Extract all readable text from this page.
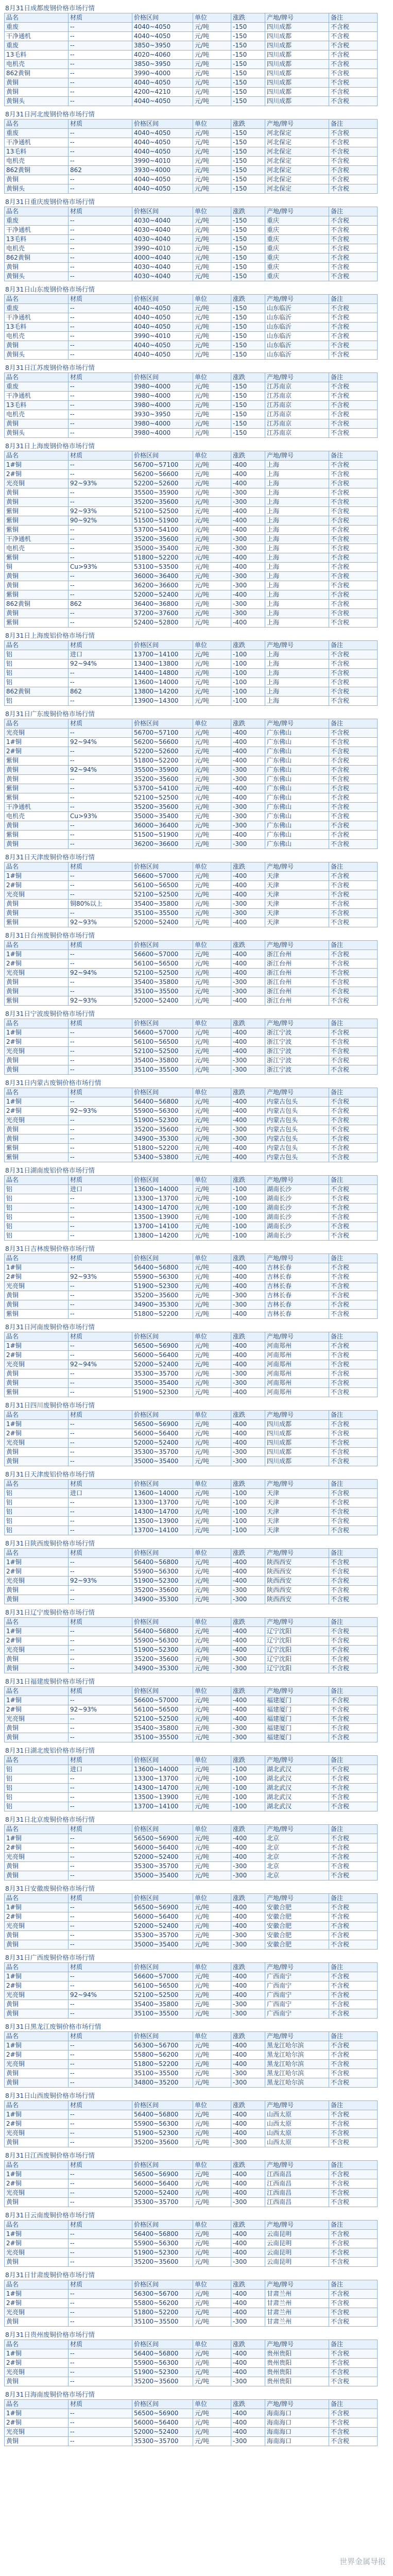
8月31日成都废钢价格市场行情
品名	材质	价格区间	单位	涨跌	产地/牌号	备注
重废	--	4040~4050	元/吨	-150	四川成都	不含税
干净通机	--	4040~4050	元/吨	-150	四川成都	不含税
重废	--	3850~3950	元/吨	-150	四川成都	不含税
13毛料	--	4020~4060	元/吨	-150	四川成都	不含税
电机壳	--	3850~3950	元/吨	-150	四川成都	不含税
862黄铜	--	3990~4000	元/吨	-150	四川成都	不含税
黄铜	--	4040~4050	元/吨	-150	四川成都	不含税
黄铜	--	4200~4210	元/吨	-150	四川成都	不含税
黄铜头	--	4040~4050	元/吨	-150	四川成都	不含税
8月31日河北废钢价格市场行情
品名	材质	价格区间	单位	涨跌	产地/牌号	备注
重废	--	4040~4050	元/吨	-150	河北保定	不含税
干净通机	--	4040~4050	元/吨	-150	河北保定	不含税
13毛料	--	4040~4050	元/吨	-150	河北保定	不含税
电机壳	--	3990~4010	元/吨	-150	河北保定	不含税
862黄铜	862	3930~4000	元/吨	-150	河北保定	不含税
黄铜	--	4040~4050	元/吨	-150	河北保定	不含税
黄铜头	--	4040~4050	元/吨	-150	河北保定	不含税
8月31日重庆废钢价格市场行情
品名	材质	价格区间	单位	涨跌	产地/牌号	备注
重废	--	4030~4040	元/吨	-150	重庆	不含税
干净通机	--	4030~4040	元/吨	-150	重庆	不含税
13毛料	--	4030~4040	元/吨	-150	重庆	不含税
电机壳	--	3990~4010	元/吨	-150	重庆	不含税
862黄铜	--	4000~4040	元/吨	-150	重庆	不含税
黄铜	--	4030~4040	元/吨	-150	重庆	不含税
黄铜头	--	4030~4040	元/吨	-150	重庆	不含税
8月31日山东废钢价格市场行情
品名	材质	价格区间	单位	涨跌	产地/牌号	备注
重废	--	4040~4050	元/吨	-150	山东临沂	不含税
干净通机	--	4040~4050	元/吨	-150	山东临沂	不含税
13毛料	--	4040~4050	元/吨	-150	山东临沂	不含税
电机壳	--	3990~4010	元/吨	-150	山东临沂	不含税
黄铜	--	4040~4050	元/吨	-150	山东临沂	不含税
黄铜头	--	4040~4050	元/吨	-150	山东临沂	不含税
8月31日江苏废钢价格市场行情
品名	材质	价格区间	单位	涨跌	产地/牌号	备注
重废	--	3980~4000	元/吨	-150	江苏南京	不含税
干净通机	--	3980~4000	元/吨	-150	江苏南京	不含税
13毛料	--	3980~4000	元/吨	-150	江苏南京	不含税
电机壳	--	3930~3950	元/吨	-150	江苏南京	不含税
黄铜	--	3980~4000	元/吨	-150	江苏南京	不含税
黄铜头	--	3980~4000	元/吨	-150	江苏南京	不含税
8月31日上海废钢价格市场行情
品名	材质	价格区间	单位	涨跌	产地/牌号	备注
1#铜	--	56700~57100	元/吨	-400	上海	不含税
2#铜	--	56200~56600	元/吨	-400	上海	不含税
光亮铜	92~93%	52200~52600	元/吨	-400	上海	不含税
黄铜	--	35500~35900	元/吨	-300	上海	不含税
黄铜	--	35200~35600	元/吨	-300	上海	不含税
紫铜	92~93%	52100~52500	元/吨	-400	上海	不含税
紫铜	90~92%	51500~51900	元/吨	-400	上海	不含税
紫铜	--	53700~54100	元/吨	-400	上海	不含税
干净通机	--	35200~35600	元/吨	-300	上海	不含税
电机壳	--	35000~35400	元/吨	-300	上海	不含税
紫铜	--	51800~52200	元/吨	-400	上海	不含税
铜	Cu>93%	53100~53500	元/吨	-400	上海	不含税
黄铜	--	36000~36400	元/吨	-300	上海	不含税
黄铜	--	36200~36600	元/吨	-300	上海	不含税
紫铜	--	52000~52400	元/吨	-400	上海	不含税
862黄铜	862	36400~36800	元/吨	-300	上海	不含税
黄铜	--	37200~37600	元/吨	-300	上海	不含税
紫铜	--	52400~52800	元/吨	-400	上海	不含税
8月31日上海废铝价格市场行情
品名	材质	价格区间	单位	涨跌	产地/牌号	备注
铝	进口	13700~14100	元/吨	-100	上海	不含税
铝	92~94%	13400~13800	元/吨	-100	上海	不含税
铝	--	14400~14800	元/吨	-100	上海	不含税
铝	--	13600~14000	元/吨	-100	上海	不含税
862黄铜	862	13800~14200	元/吨	-100	上海	不含税
铝	--	13900~14300	元/吨	-100	上海	不含税
8月31日广东废铜价格市场行情
品名	材质	价格区间	单位	涨跌	产地/牌号	备注
光亮铜	--	56700~57100	元/吨	-400	广东佛山	不含税
1#铜	92~94%	56200~56600	元/吨	-400	广东佛山	不含税
2#铜	--	52200~52600	元/吨	-400	广东佛山	不含税
紫铜	--	51800~52200	元/吨	-400	广东佛山	不含税
黄铜	92~94%	35500~35900	元/吨	-300	广东佛山	不含税
黄铜	--	35200~35600	元/吨	-300	广东佛山	不含税
紫铜	--	53700~54100	元/吨	-400	广东佛山	不含税
紫铜	--	52100~52500	元/吨	-400	广东佛山	不含税
干净通机	--	35200~35600	元/吨	-300	广东佛山	不含税
电机壳	Cu>93%	35000~35400	元/吨	-300	广东佛山	不含税
黄铜	--	36000~36400	元/吨	-300	广东佛山	不含税
紫铜	--	51500~51900	元/吨	-400	广东佛山	不含税
黄铜	--	36200~36600	元/吨	-300	广东佛山	不含税
8月31日天津废铜价格市场行情
品名	材质	价格区间	单位	涨跌	产地/牌号	备注
1#铜	--	56600~57000	元/吨	-400	天津	不含税
2#铜	--	56100~56500	元/吨	-400	天津	不含税
光亮铜	--	52100~52500	元/吨	-400	天津	不含税
黄铜	铜80%以上	35400~35800	元/吨	-300	天津	不含税
黄铜	--	35100~35500	元/吨	-300	天津	不含税
紫铜	92~93%	52000~52400	元/吨	-400	天津	不含税
8月31日台州废铜价格市场行情
品名	材质	价格区间	单位	涨跌	产地/牌号	备注
1#铜	--	56600~57000	元/吨	-400	浙江台州	不含税
2#铜	--	56100~56500	元/吨	-400	浙江台州	不含税
光亮铜	92~94%	52100~52500	元/吨	-400	浙江台州	不含税
黄铜	--	35400~35800	元/吨	-300	浙江台州	不含税
黄铜	--	35100~35500	元/吨	-300	浙江台州	不含税
紫铜	92~93%	52000~52400	元/吨	-400	浙江台州	不含税
8月31日宁波废铜价格市场行情
品名	材质	价格区间	单位	涨跌	产地/牌号	备注
1#铜	--	56600~57000	元/吨	-400	浙江宁波	不含税
2#铜	--	56100~56500	元/吨	-400	浙江宁波	不含税
光亮铜	--	52100~52500	元/吨	-400	浙江宁波	不含税
黄铜	--	35400~35800	元/吨	-300	浙江宁波	不含税
黄铜	--	35100~35500	元/吨	-300	浙江宁波	不含税
8月31日内蒙古废铜价格市场行情
品名	材质	价格区间	单位	涨跌	产地/牌号	备注
1#铜	--	56400~56800	元/吨	-400	内蒙古包头	不含税
2#铜	92~93%	55900~56300	元/吨	-400	内蒙古包头	不含税
光亮铜	--	51900~52300	元/吨	-400	内蒙古包头	不含税
黄铜	--	35200~35600	元/吨	-300	内蒙古包头	不含税
黄铜	--	34900~35300	元/吨	-300	内蒙古包头	不含税
紫铜	--	51800~52200	元/吨	-400	内蒙古包头	不含税
紫铜	--	53400~53800	元/吨	-400	内蒙古包头	不含税
8月31日湖南废铝价格市场行情
品名	材质	价格区间	单位	涨跌	产地/牌号	备注
铝	进口	13600~14000	元/吨	-100	湖南长沙	不含税
铝	--	13300~13700	元/吨	-100	湖南长沙	不含税
铝	--	14300~14700	元/吨	-100	湖南长沙	不含税
铝	--	13500~13900	元/吨	-100	湖南长沙	不含税
铝	--	13700~14100	元/吨	-100	湖南长沙	不含税
铝	--	13800~14200	元/吨	-100	湖南长沙	不含税
8月31日吉林废铜价格市场行情
品名	材质	价格区间	单位	涨跌	产地/牌号	备注
1#铜	--	56400~56800	元/吨	-400	吉林长春	不含税
2#铜	92~93%	55900~56300	元/吨	-400	吉林长春	不含税
光亮铜	--	51900~52300	元/吨	-400	吉林长春	不含税
黄铜	--	35200~35600	元/吨	-300	吉林长春	不含税
黄铜	--	34900~35300	元/吨	-300	吉林长春	不含税
紫铜	--	51800~52200	元/吨	-400	吉林长春	不含税
8月31日河南废铜价格市场行情
品名	材质	价格区间	单位	涨跌	产地/牌号	备注
1#铜	--	56500~56900	元/吨	-400	河南郑州	不含税
2#铜	--	56000~56400	元/吨	-400	河南郑州	不含税
光亮铜	92~94%	52000~52400	元/吨	-400	河南郑州	不含税
黄铜	--	35300~35700	元/吨	-300	河南郑州	不含税
黄铜	--	35000~35400	元/吨	-300	河南郑州	不含税
紫铜	--	51900~52300	元/吨	-400	河南郑州	不含税
8月31日四川废铜价格市场行情
品名	材质	价格区间	单位	涨跌	产地/牌号	备注
1#铜	--	56500~56900	元/吨	-400	四川成都	不含税
2#铜	--	56000~56400	元/吨	-400	四川成都	不含税
光亮铜	--	52000~52400	元/吨	-400	四川成都	不含税
黄铜	--	35300~35700	元/吨	-300	四川成都	不含税
黄铜	--	35000~35400	元/吨	-300	四川成都	不含税
8月31日天津废铝价格市场行情
品名	材质	价格区间	单位	涨跌	产地/牌号	备注
铝	进口	13600~14000	元/吨	-100	天津	不含税
铝	--	13300~13700	元/吨	-100	天津	不含税
铝	--	14300~14700	元/吨	-100	天津	不含税
铝	--	13500~13900	元/吨	-100	天津	不含税
铝	--	13700~14100	元/吨	-100	天津	不含税
8月31日陕西废铜价格市场行情
品名	材质	价格区间	单位	涨跌	产地/牌号	备注
1#铜	--	56400~56800	元/吨	-400	陕西西安	不含税
2#铜	--	55900~56300	元/吨	-400	陕西西安	不含税
光亮铜	92~93%	51900~52300	元/吨	-400	陕西西安	不含税
黄铜	--	35200~35600	元/吨	-300	陕西西安	不含税
黄铜	--	34900~35300	元/吨	-300	陕西西安	不含税
8月31日辽宁废铜价格市场行情
品名	材质	价格区间	单位	涨跌	产地/牌号	备注
1#铜	--	56400~56800	元/吨	-400	辽宁沈阳	不含税
2#铜	--	55900~56300	元/吨	-400	辽宁沈阳	不含税
光亮铜	--	51900~52300	元/吨	-400	辽宁沈阳	不含税
黄铜	--	35200~35600	元/吨	-300	辽宁沈阳	不含税
黄铜	--	34900~35300	元/吨	-300	辽宁沈阳	不含税
8月31日福建废铜价格市场行情
品名	材质	价格区间	单位	涨跌	产地/牌号	备注
1#铜	--	56600~57000	元/吨	-400	福建厦门	不含税
2#铜	92~93%	56100~56500	元/吨	-400	福建厦门	不含税
光亮铜	--	52100~52500	元/吨	-400	福建厦门	不含税
黄铜	--	35400~35800	元/吨	-300	福建厦门	不含税
黄铜	--	35100~35500	元/吨	-300	福建厦门	不含税
8月31日湖北废铝价格市场行情
品名	材质	价格区间	单位	涨跌	产地/牌号	备注
铝	进口	13600~14000	元/吨	-100	湖北武汉	不含税
铝	--	13300~13700	元/吨	-100	湖北武汉	不含税
铝	--	14300~14700	元/吨	-100	湖北武汉	不含税
铝	--	13500~13900	元/吨	-100	湖北武汉	不含税
铝	--	13700~14100	元/吨	-100	湖北武汉	不含税
8月31日北京废铜价格市场行情
品名	材质	价格区间	单位	涨跌	产地/牌号	备注
1#铜	--	56500~56900	元/吨	-400	北京	不含税
2#铜	--	56000~56400	元/吨	-400	北京	不含税
光亮铜	--	52000~52400	元/吨	-400	北京	不含税
黄铜	--	35300~35700	元/吨	-300	北京	不含税
黄铜	--	35000~35400	元/吨	-300	北京	不含税
8月31日安徽废铜价格市场行情
品名	材质	价格区间	单位	涨跌	产地/牌号	备注
1#铜	--	56500~56900	元/吨	-400	安徽合肥	不含税
2#铜	--	56000~56400	元/吨	-400	安徽合肥	不含税
光亮铜	--	52000~52400	元/吨	-400	安徽合肥	不含税
黄铜	--	35300~35700	元/吨	-300	安徽合肥	不含税
黄铜	--	35000~35400	元/吨	-300	安徽合肥	不含税
8月31日广西废铜价格市场行情
品名	材质	价格区间	单位	涨跌	产地/牌号	备注
1#铜	--	56600~57000	元/吨	-400	广西南宁	不含税
2#铜	--	56100~56500	元/吨	-400	广西南宁	不含税
光亮铜	92~94%	52100~52500	元/吨	-400	广西南宁	不含税
黄铜	--	35400~35800	元/吨	-300	广西南宁	不含税
黄铜	--	35100~35500	元/吨	-300	广西南宁	不含税
8月31日黑龙江废铜价格市场行情
品名	材质	价格区间	单位	涨跌	产地/牌号	备注
1#铜	--	56300~56700	元/吨	-400	黑龙江哈尔滨	不含税
2#铜	--	55800~56200	元/吨	-400	黑龙江哈尔滨	不含税
光亮铜	--	51800~52200	元/吨	-400	黑龙江哈尔滨	不含税
黄铜	--	35100~35500	元/吨	-300	黑龙江哈尔滨	不含税
黄铜	--	34800~35200	元/吨	-300	黑龙江哈尔滨	不含税
8月31日山西废铜价格市场行情
品名	材质	价格区间	单位	涨跌	产地/牌号	备注
1#铜	--	56400~56800	元/吨	-400	山西太原	不含税
2#铜	--	55900~56300	元/吨	-400	山西太原	不含税
光亮铜	--	51900~52300	元/吨	-400	山西太原	不含税
黄铜	--	35200~35600	元/吨	-300	山西太原	不含税
8月31日江西废铜价格市场行情
品名	材质	价格区间	单位	涨跌	产地/牌号	备注
1#铜	--	56500~56900	元/吨	-400	江西南昌	不含税
2#铜	--	56000~56400	元/吨	-400	江西南昌	不含税
光亮铜	--	52000~52400	元/吨	-400	江西南昌	不含税
黄铜	--	35300~35700	元/吨	-300	江西南昌	不含税
8月31日云南废铜价格市场行情
品名	材质	价格区间	单位	涨跌	产地/牌号	备注
1#铜	--	56400~56800	元/吨	-400	云南昆明	不含税
2#铜	--	55900~56300	元/吨	-400	云南昆明	不含税
光亮铜	--	51900~52300	元/吨	-400	云南昆明	不含税
黄铜	--	35200~35600	元/吨	-300	云南昆明	不含税
8月31日甘肃废铜价格市场行情
品名	材质	价格区间	单位	涨跌	产地/牌号	备注
1#铜	--	56300~56700	元/吨	-400	甘肃兰州	不含税
2#铜	--	55800~56200	元/吨	-400	甘肃兰州	不含税
光亮铜	--	51800~52200	元/吨	-400	甘肃兰州	不含税
黄铜	--	35100~35500	元/吨	-300	甘肃兰州	不含税
8月31日贵州废铜价格市场行情
品名	材质	价格区间	单位	涨跌	产地/牌号	备注
1#铜	--	56400~56800	元/吨	-400	贵州贵阳	不含税
2#铜	--	55900~56300	元/吨	-400	贵州贵阳	不含税
光亮铜	--	51900~52300	元/吨	-400	贵州贵阳	不含税
黄铜	--	35200~35600	元/吨	-300	贵州贵阳	不含税
8月31日海南废铜价格市场行情
品名	材质	价格区间	单位	涨跌	产地/牌号	备注
1#铜	--	56500~56900	元/吨	-400	海南海口	不含税
2#铜	--	56000~56400	元/吨	-400	海南海口	不含税
光亮铜	--	52000~52400	元/吨	-400	海南海口	不含税
黄铜	--	35300~35700	元/吨	-300	海南海口	不含税
世界金属导报
